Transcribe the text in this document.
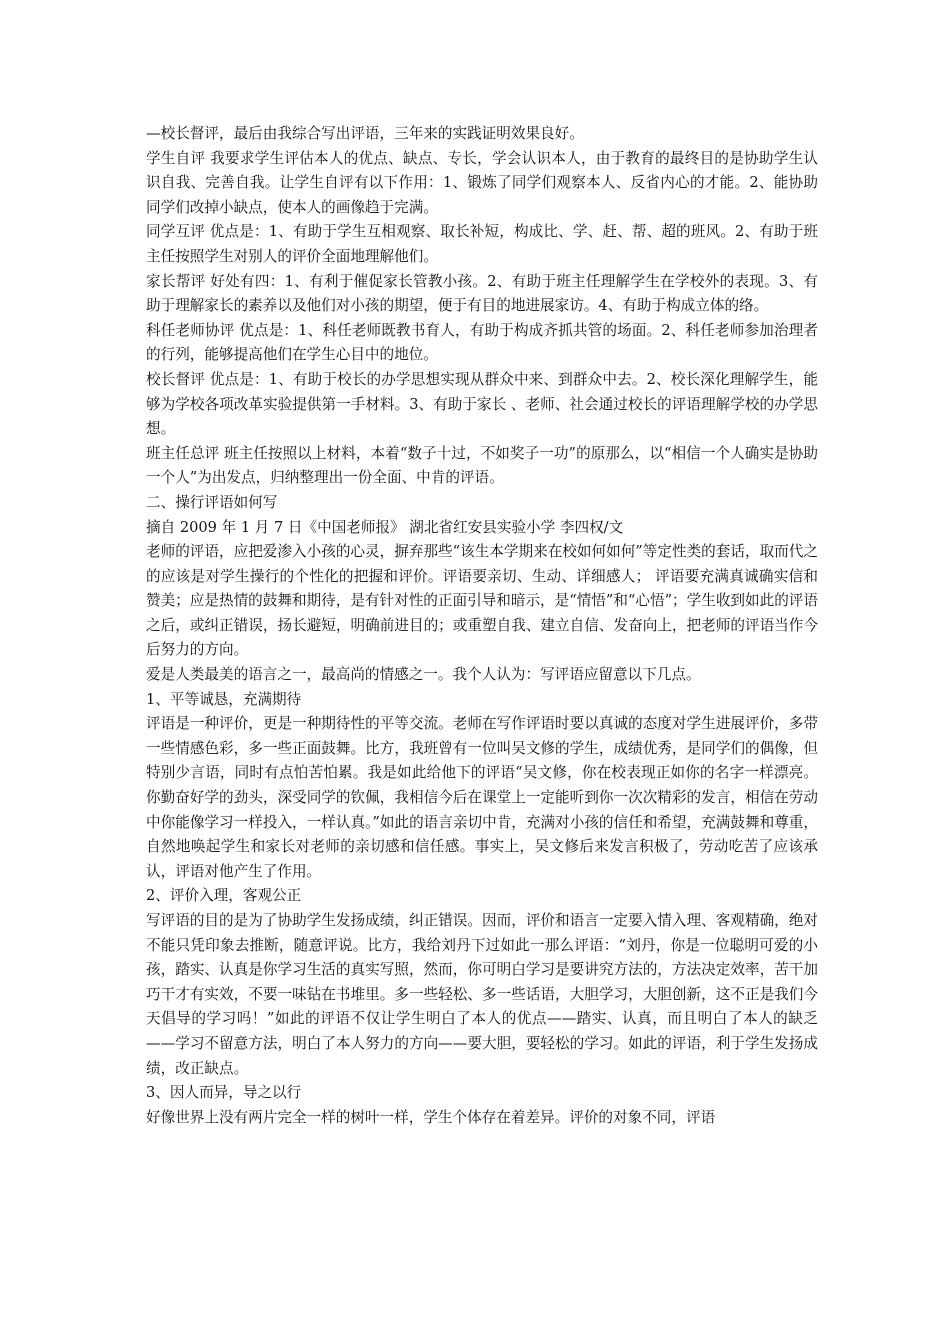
—校长督评，最后由我综合写出评语，三年来的实践证明效果良好。

学生自评 我要求学生评估本人的优点、缺点、专长，学会认识本人，由于教育的最终目的是协助学生认识自我、完善自我。让学生自评有以下作用：1、锻炼了同学们观察本人、反省内心的才能。2、能协助同学们改掉小缺点，使本人的画像趋于完满。

同学互评 优点是：1、有助于学生互相观察、取长补短，构成比、学、赶、帮、超的班风。2、有助于班主任按照学生对别人的评价全面地理解他们。

家长帮评 好处有四：1、有利于催促家长管教小孩。2、有助于班主任理解学生在学校外的表现。3、有助于理解家长的素养以及他们对小孩的期望，便于有目的地进展家访。4、有助于构成立体的络。

科任老师协评 优点是：1、科任老师既教书育人，有助于构成齐抓共管的场面。2、科任老师参加治理者的行列，能够提高他们在学生心目中的地位。

校长督评 优点是：1、有助于校长的办学思想实现从群众中来、到群众中去。2、校长深化理解学生，能够为学校各项改革实验提供第一手材料。3、有助于家长 、老师、社会通过校长的评语理解学校的办学思想。

班主任总评 班主任按照以上材料，本着“数子十过，不如奖子一功”的原那么，以“相信一个人确实是协助一个人”为出发点，归纳整理出一份全面、中肯的评语。

二、操行评语如何写

摘自 2009 年 1 月 7 日《中国老师报》 湖北省红安县实验小学 李四权/文

老师的评语，应把爱渗入小孩的心灵，摒弃那些“该生本学期来在校如何如何”等定性类的套话，取而代之的应该是对学生操行的个性化的把握和评价。评语要亲切、生动、详细感人； 评语要充满真诚确实信和赞美；应是热情的鼓舞和期待，是有针对性的正面引导和暗示，是“情悟”和“心悟”；学生收到如此的评语之后，或纠正错误，扬长避短，明确前进目的；或重塑自我、建立自信、发奋向上，把老师的评语当作今后努力的方向。

爱是人类最美的语言之一，最高尚的情感之一。我个人认为：写评语应留意以下几点。

1、平等诚恳，充满期待

评语是一种评价，更是一种期待性的平等交流。老师在写作评语时要以真诚的态度对学生进展评价，多带一些情感色彩，多一些正面鼓舞。比方，我班曾有一位叫吴文修的学生，成绩优秀，是同学们的偶像，但特别少言语，同时有点怕苦怕累。我是如此给他下的评语“吴文修，你在校表现正如你的名字一样漂亮。你勤奋好学的劲头，深受同学的钦佩，我相信今后在课堂上一定能听到你一次次精彩的发言，相信在劳动中你能像学习一样投入，一样认真。”如此的语言亲切中肯，充满对小孩的信任和希望，充满鼓舞和尊重，自然地唤起学生和家长对老师的亲切感和信任感。事实上，吴文修后来发言积极了，劳动吃苦了应该承认，评语对他产生了作用。

2、评价入理，客观公正

写评语的目的是为了协助学生发扬成绩，纠正错误。因而，评价和语言一定要入情入理、客观精确，绝对不能只凭印象去推断，随意评说。比方，我给刘丹下过如此一那么评语：“刘丹，你是一位聪明可爱的小孩，踏实、认真是你学习生活的真实写照，然而，你可明白学习是要讲究方法的，方法决定效率，苦干加巧干才有实效，不要一味钻在书堆里。多一些轻松、多一些话语，大胆学习，大胆创新，这不正是我们今天倡导的学习吗！”如此的评语不仅让学生明白了本人的优点——踏实、认真，而且明白了本人的缺乏——学习不留意方法，明白了本人努力的方向——要大胆，要轻松的学习。如此的评语，利于学生发扬成绩，改正缺点。

3、因人而异，导之以行

好像世界上没有两片完全一样的树叶一样，学生个体存在着差异。评价的对象不同，评语
